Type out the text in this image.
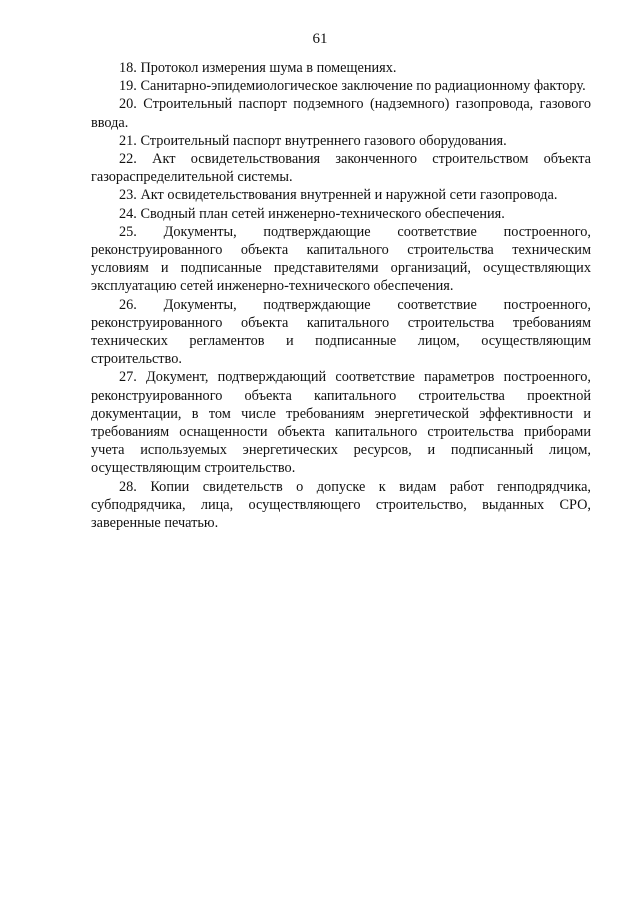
61

18. Протокол измерения шума в помещениях.

19. Санитарно-эпидемиологическое заключение по радиационному фактору.

20. Строительный паспорт подземного (надземного) газопровода, газового ввода.

21. Строительный паспорт внутреннего газового оборудования.

22. Акт освидетельствования законченного строительством объекта газораспределительной системы.

23. Акт освидетельствования внутренней и наружной сети газопровода.

24. Сводный план сетей инженерно-технического обеспечения.

25. Документы, подтверждающие соответствие построенного, реконструированного объекта капитального строительства техническим условиям и подписанные представителями организаций, осуществляющих эксплуатацию сетей инженерно-технического обеспечения.

26. Документы, подтверждающие соответствие построенного, реконструированного объекта капитального строительства требованиям технических регламентов и подписанные лицом, осуществляющим строительство.

27. Документ, подтверждающий соответствие параметров построенного, реконструированного объекта капитального строительства проектной документации, в том числе требованиям энергетической эффективности и требованиям оснащенности объекта капитального строительства приборами учета используемых энергетических ресурсов, и подписанный лицом, осуществляющим строительство.

28. Копии свидетельств о допуске к видам работ генподрядчика, субподрядчика, лица, осуществляющего строительство, выданных СРО, заверенные печатью.
